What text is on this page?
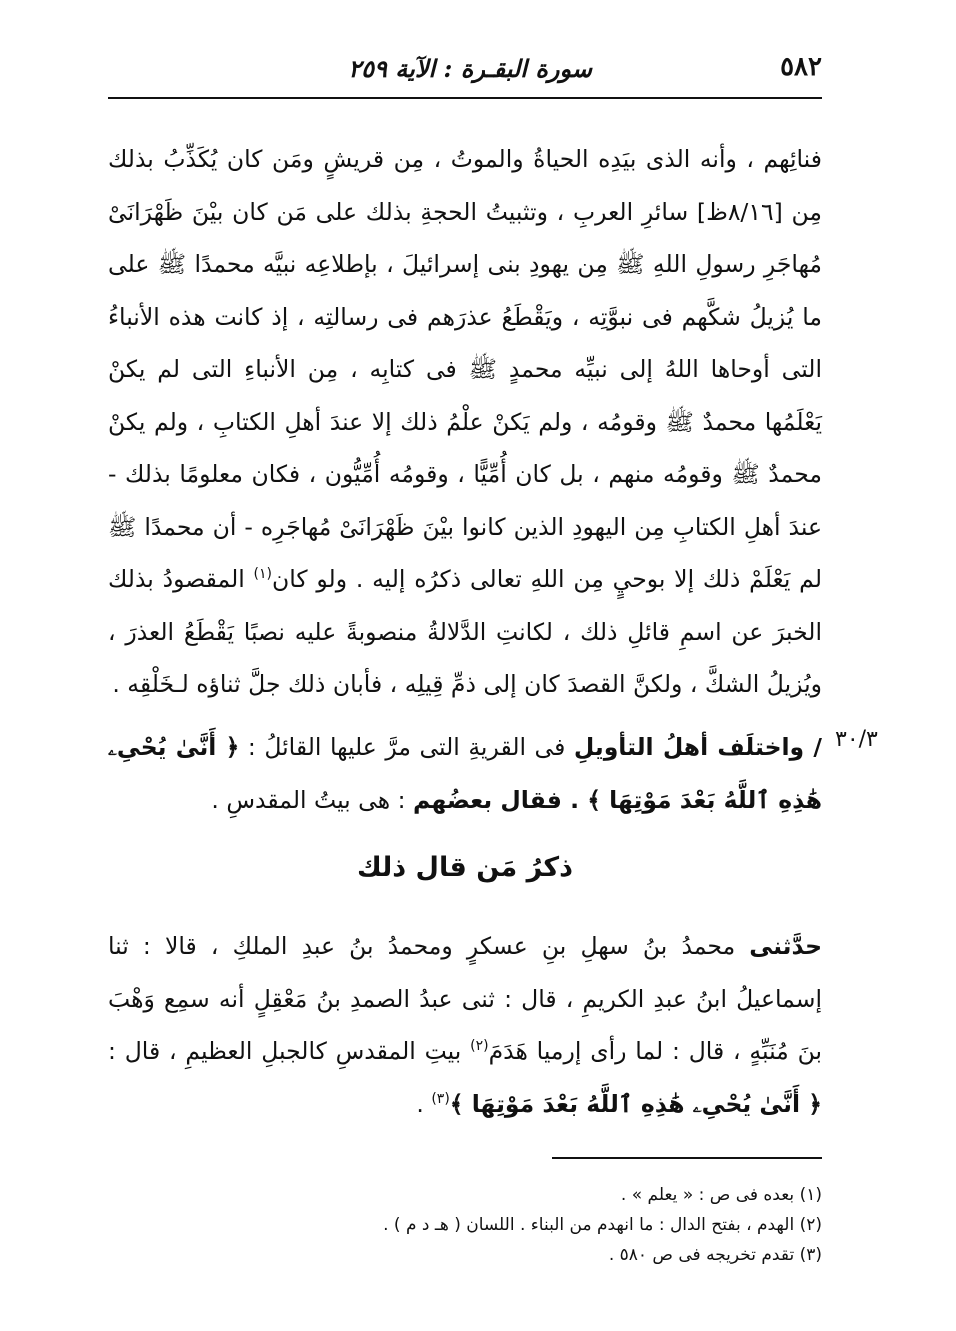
٥٨٢
سورة البقـرة : الآية ٢٥٩

فنائِهم ، وأنه الذى بيَدِه الحياةُ والموتُ ، مِن قريشٍ ومَن كان يُكَذِّبُ بذلك مِن [٨/١٦ظ] سائرِ العربِ ، وتثبيتُ الحجةِ بذلك على مَن كان بيْنَ ظَهْرَانَىْ مُهاجَرِ رسولِ اللهِ ﷺ مِن يهودِ بنى إسرائيلَ ، بإطلاعِه نبيَّه محمدًا ﷺ على ما يُزيلُ شكَّهم فى نبوَّتِه ، ويَقْطَعُ عذرَهم فى رسالتِه ، إذ كانت هذه الأنباءُ التى أوحاها اللهُ إلى نبيِّه محمدٍ ﷺ فى كتابِه ، مِن الأنباءِ التى لم يكنْ يَعْلَمُها محمدٌ ﷺ وقومُه ، ولم يَكنْ علْمُ ذلك إلا عندَ أهلِ الكتابِ ، ولم يكنْ محمدٌ ﷺ وقومُه منهم ، بل كان أُمِّيًّا ، وقومُه أُمِّيُّون ، فكان معلومًا بذلك - عندَ أهلِ الكتابِ مِن اليهودِ الذين كانوا بيْنَ ظَهْرَانَىْ مُهاجَرِه - أن محمدًا ﷺ لم يَعْلَمْ ذلك إلا بوحيٍ مِن اللهِ تعالى ذكرُه إليه . ولو كان$^{(١)}$ المقصودُ بذلك الخبرَ عن اسمِ قائلِ ذلك ، لكانتِ الدَّلالةُ منصوبةً عليه نصبًا يَقْطَعُ العذرَ ، ويُزيلُ الشكَّ ، ولكنَّ القصدَ كان إلى ذمِّ قِيلِه ، فأبان ذلك جلَّ ثناؤه لـخَلْقِه .

٣٠/٣

/ واختلَف أهلُ التأويلِ فى القريةِ التى مرَّ عليها القائلُ : ﴿ أَنَّىٰ يُحْىِۦ هَٰذِهِ ٱللَّهُ بَعْدَ مَوْتِهَا ﴾ . فقال بعضُهم : هى بيتُ المقدسِ .

ذكرُ مَن قال ذلك

حدَّثنى محمدُ بنُ سهلِ بنِ عسكرٍ ومحمدُ بنُ عبدِ الملكِ ، قالا : ثنا إسماعيلُ ابنُ عبدِ الكريمِ ، قال : ثنى عبدُ الصمدِ بنُ مَعْقِلٍ أنه سمِع وَهْبَ بنَ مُنَبِّهٍ ، قال : لما رأى إرميا هَدَمَ$^{(٢)}$ بيتِ المقدسِ كالجبلِ العظيمِ ، قال : ﴿ أَنَّىٰ يُحْىِۦ هَٰذِهِ ٱللَّهُ بَعْدَ مَوْتِهَا ﴾$^{(٣)}$ .

(١) بعده فى ص : « يعلم » .

(٢) الهدم ، بفتح الدال : ما انهدم من البناء . اللسان ( هـ د م ) .

(٣) تقدم تخريجه فى ص ٥٨٠ .
